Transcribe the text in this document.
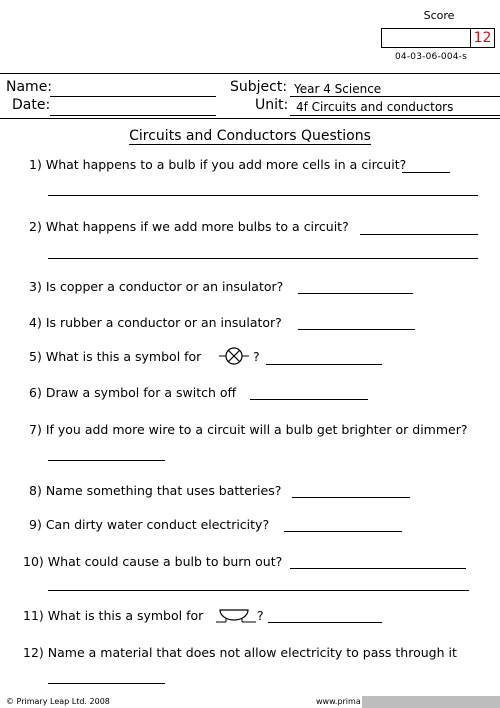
Score
12
04-03-06-004-s
Name:
Date:
Subject: Year 4 Science
Unit: 4f Circuits and conductors
Circuits and Conductors Questions
1) What happens to a bulb if you add more cells in a circuit?
2) What happens if we add more bulbs to a circuit?
3) Is copper a conductor or an insulator?
4) Is rubber a conductor or an insulator?
5) What is this a symbol for	?
6) Draw a symbol for a switch off
7) If you add more wire to a circuit will a bulb get brighter or dimmer?
8) Name something that uses batteries?
9) Can dirty water conduct electricity?
10) What could cause a bulb to burn out?
11) What is this a symbol for	?
12) Name a material that does not allow electricity to pass through it
© Primary Leap Ltd. 2008	www.prima
